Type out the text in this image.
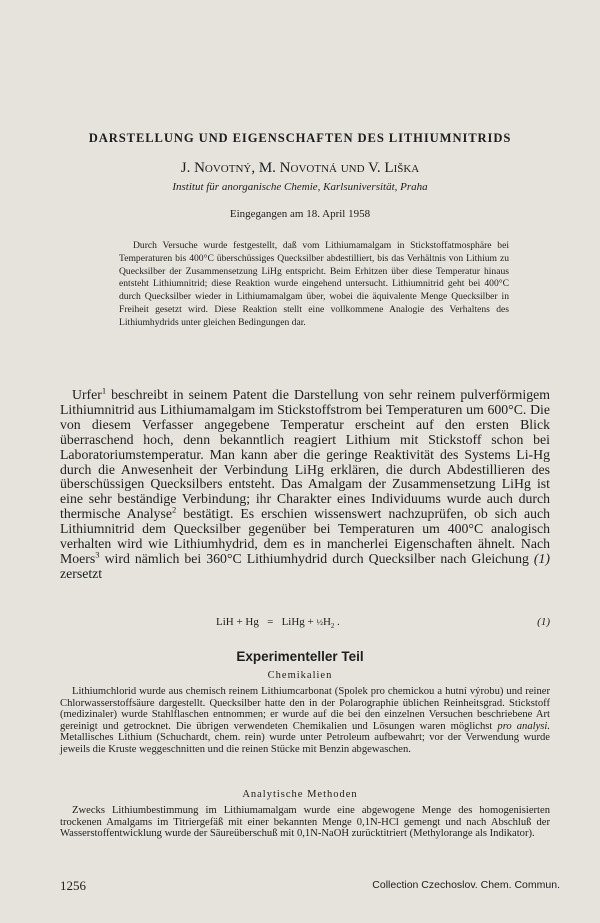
DARSTELLUNG UND EIGENSCHAFTEN DES LITHIUMNITRIDS
J. Novotný, M. Novotná und V. Liška
Institut für anorganische Chemie, Karlsuniversität, Praha
Eingegangen am 18. April 1958

Durch Versuche wurde festgestellt, daß vom Lithiumamalgam in Stickstoffatmosphäre bei Temperaturen bis 400°C überschüssiges Quecksilber abdestilliert, bis das Verhältnis von Lithium zu Quecksilber der Zusammensetzung LiHg entspricht. Beim Erhitzen über diese Temperatur hinaus entsteht Lithiumnitrid; diese Reaktion wurde eingehend untersucht. Lithiumnitrid geht bei 400°C durch Quecksilber wieder in Lithiumamalgam über, wobei die äquivalente Menge Quecksilber in Freiheit gesetzt wird. Diese Reaktion stellt eine vollkommene Analogie des Verhaltens des Lithiumhydrids unter gleichen Bedingungen dar.

Urfer$^1$ beschreibt in seinem Patent die Darstellung von sehr reinem pulverförmigem Lithiumnitrid aus Lithiumamalgam im Stickstoffstrom bei Temperaturen um 600°C. Die von diesem Verfasser angegebene Temperatur erscheint auf den ersten Blick überraschend hoch, denn bekanntlich reagiert Lithium mit Stickstoff schon bei Laboratoriumstemperatur. Man kann aber die geringe Reaktivität des Systems Li-Hg durch die Anwesenheit der Verbindung LiHg erklären, die durch Abdestillieren des überschüssigen Quecksilbers entsteht. Das Amalgam der Zusammensetzung LiHg ist eine sehr beständige Verbindung; ihr Charakter eines Individuums wurde auch durch thermische Analyse$^2$ bestätigt. Es erschien wissenswert nachzuprüfen, ob sich auch Lithiumnitrid dem Quecksilber gegenüber bei Temperaturen um 400°C analogisch verhalten wird wie Lithiumhydrid, dem es in mancherlei Eigenschaften ähnelt. Nach Moers$^3$ wird nämlich bei 360°C Lithiumhydrid durch Quecksilber nach Gleichung (1) zersetzt

LiH + Hg   =   LiHg + $\frac{1}{2}H_2$ .	(1)
Experimenteller Teil
Chemikalien

Lithiumchlorid wurde aus chemisch reinem Lithiumcarbonat (Spolek pro chemickou a hutní výrobu) und reiner Chlorwasserstoffsäure dargestellt. Quecksilber hatte den in der Polarographie üblichen Reinheitsgrad. Stickstoff (medizinaler) wurde Stahlflaschen entnommen; er wurde auf die bei den einzelnen Versuchen beschriebene Art gereinigt und getrocknet. Die übrigen verwendeten Chemikalien und Lösungen waren möglichst pro analysi. Metallisches Lithium (Schuchardt, chem. rein) wurde unter Petroleum aufbewahrt; vor der Verwendung wurde jeweils die Kruste weggeschnitten und die reinen Stücke mit Benzin abgewaschen.

Analytische Methoden

Zwecks Lithiumbestimmung im Lithiumamalgam wurde eine abgewogene Menge des homogenisierten trockenen Amalgams im Titriergefäß mit einer bekannten Menge 0,1N-HCl gemengt und nach Abschluß der Wasserstoffentwicklung wurde der Säureüberschuß mit 0,1N-NaOH zurücktitriert (Methylorange als Indikator).

1256	Collection Czechoslov. Chem. Commun.
